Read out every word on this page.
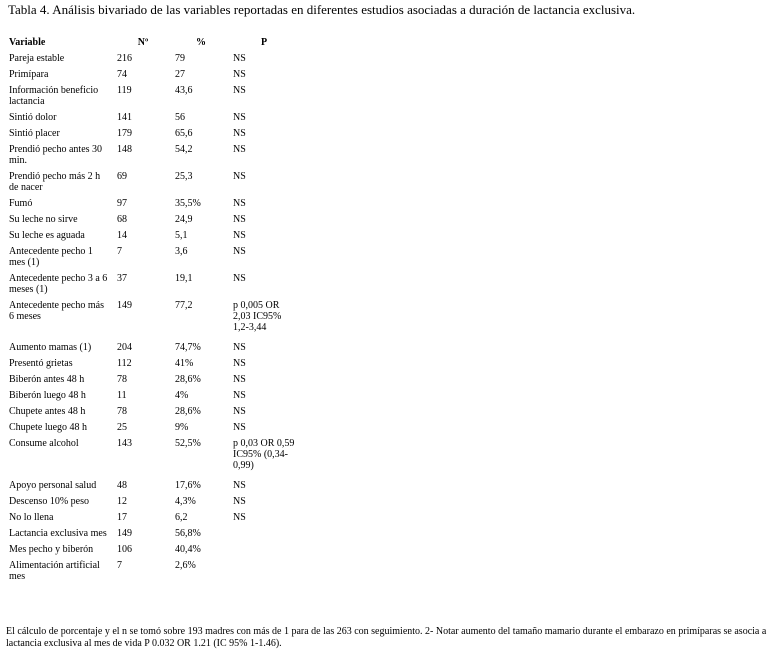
Tabla 4. Análisis bivariado de las variables reportadas en diferentes estudios asociadas a duración de lactancia exclusiva.
Variable	Nº	%	P
Pareja estable	216	79	NS
Primípara	74	27	NS
Información beneficio lactancia	119	43,6	NS
Sintió dolor	141	56	NS
Sintió placer	179	65,6	NS
Prendió pecho antes 30 min.	148	54,2	NS
Prendió pecho más 2 h de nacer	69	25,3	NS
Fumó	97	35,5%	NS
Su leche no sirve	68	24,9	NS
Su leche es aguada	14	5,1	NS
Antecedente pecho 1 mes (1)	7	3,6	NS
Antecedente pecho 3 a 6 meses (1)	37	19,1	NS
Antecedente pecho más 6 meses	149	77,2	p 0,005 OR 2,03 IC95% 1,2-3,44
Aumento mamas (1)	204	74,7%	NS
Presentó grietas	112	41%	NS
Biberón antes 48 h	78	28,6%	NS
Biberón luego 48 h	11	4%	NS
Chupete antes 48 h	78	28,6%	NS
Chupete luego 48 h	25	9%	NS
Consume alcohol	143	52,5%	p 0,03 OR 0,59 IC95% (0,34-0,99)
Apoyo personal salud	48	17,6%	NS
Descenso 10% peso	12	4,3%	NS
No lo llena	17	6,2	NS
Lactancia exclusiva mes	149	56,8%	
Mes pecho y biberón	106	40,4%	
Alimentación artificial mes	7	2,6%	
El cálculo de porcentaje y el n se tomó sobre 193 madres con más de 1 para de las 263 con seguimiento. 2- Notar aumento del tamaño mamario durante el embarazo en primíparas se asocia a lactancia exclusiva al mes de vida P 0.032 OR 1.21 (IC 95% 1-1.46).
